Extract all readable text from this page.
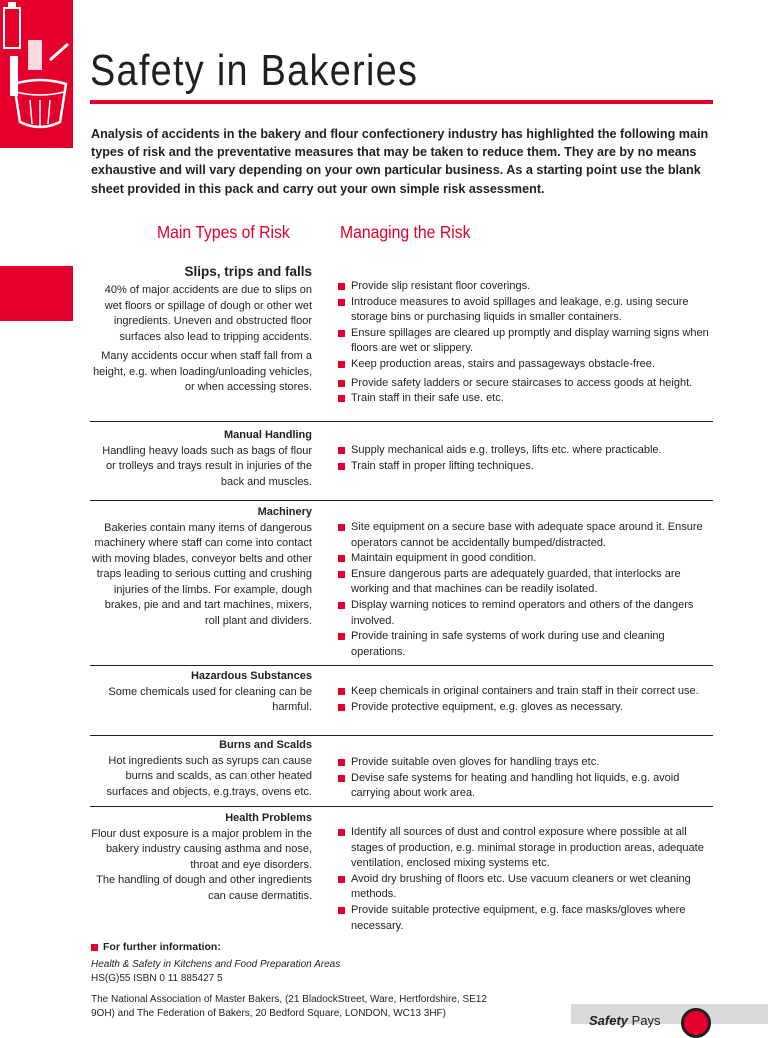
Safety in Bakeries

Analysis of accidents in the bakery and flour confectionery industry has highlighted the following main types of risk and the preventative measures that may be taken to reduce them. They are by no means exhaustive and will vary depending on your own particular business. As a starting point use the blank sheet provided in this pack and carry out your own simple risk assessment.

Main Types of Risk	Managing the Risk
Slips, trips and falls

40% of major accidents are due to slips on wet floors or spillage of dough or other wet ingredients. Uneven and obstructed floor surfaces also lead to tripping accidents.

Many accidents occur when staff fall from a height, e.g. when loading/unloading vehicles, or when accessing stores.

Provide slip resistant floor coverings.
Introduce measures to avoid spillages and leakage, e.g. using secure storage bins or purchasing liquids in smaller containers.
Ensure spillages are cleared up promptly and display warning signs when floors are wet or slippery.
Keep production areas, stairs and passageways obstacle-free.
Provide safety ladders or secure staircases to access goods at height.
Train staff in their safe use. etc.
Manual Handling

Handling heavy loads such as bags of flour or trolleys and trays result in injuries of the back and muscles.

Supply mechanical aids e.g. trolleys, lifts etc. where practicable.
Train staff in proper lifting techniques.
Machinery

Bakeries contain many items of dangerous machinery where staff can come into contact with moving blades, conveyor belts and other traps leading to serious cutting and crushing injuries of the limbs. For example, dough brakes, pie and and tart machines, mixers, roll plant and dividers.

Site equipment on a secure base with adequate space around it. Ensure operators cannot be accidentally bumped/distracted.
Maintain equipment in good condition.
Ensure dangerous parts are adequately guarded, that interlocks are working and that machines can be readily isolated.
Display warning notices to remind operators and others of the dangers involved.
Provide training in safe systems of work during use and cleaning operations.
Hazardous Substances

Some chemicals used for cleaning can be harmful.

Keep chemicals in original containers and train staff in their correct use.
Provide protective equipment, e.g. gloves as necessary.
Burns and Scalds

Hot ingredients such as syrups can cause burns and scalds, as can other heated surfaces and objects, e.g.trays, ovens etc.

Provide suitable oven gloves for handling trays etc.
Devise safe systems for heating and handling hot liquids, e.g. avoid carrying about work area.
Health Problems

Flour dust exposure is a major problem in the bakery industry causing asthma and nose, throat and eye disorders.

The handling of dough and other ingredients can cause dermatitis.

Identify all sources of dust and control exposure where possible at all stages of production, e.g. minimal storage in production areas, adequate ventilation, enclosed mixing systems etc.
Avoid dry brushing of floors etc. Use vacuum cleaners or wet cleaning methods.
Provide suitable protective equipment, e.g. face masks/gloves where necessary.
For further information:
Health & Safety in Kitchens and Food Preparation Areas
HS(G)55 ISBN 0 11 885427 5

The National Association of Master Bakers, (21 BladockStreet, Ware, Hertfordshire, SE12 9OH) and The Federation of Bakers, 20 Bedford Square, LONDON, WC13 3HF)	Safety Pays
